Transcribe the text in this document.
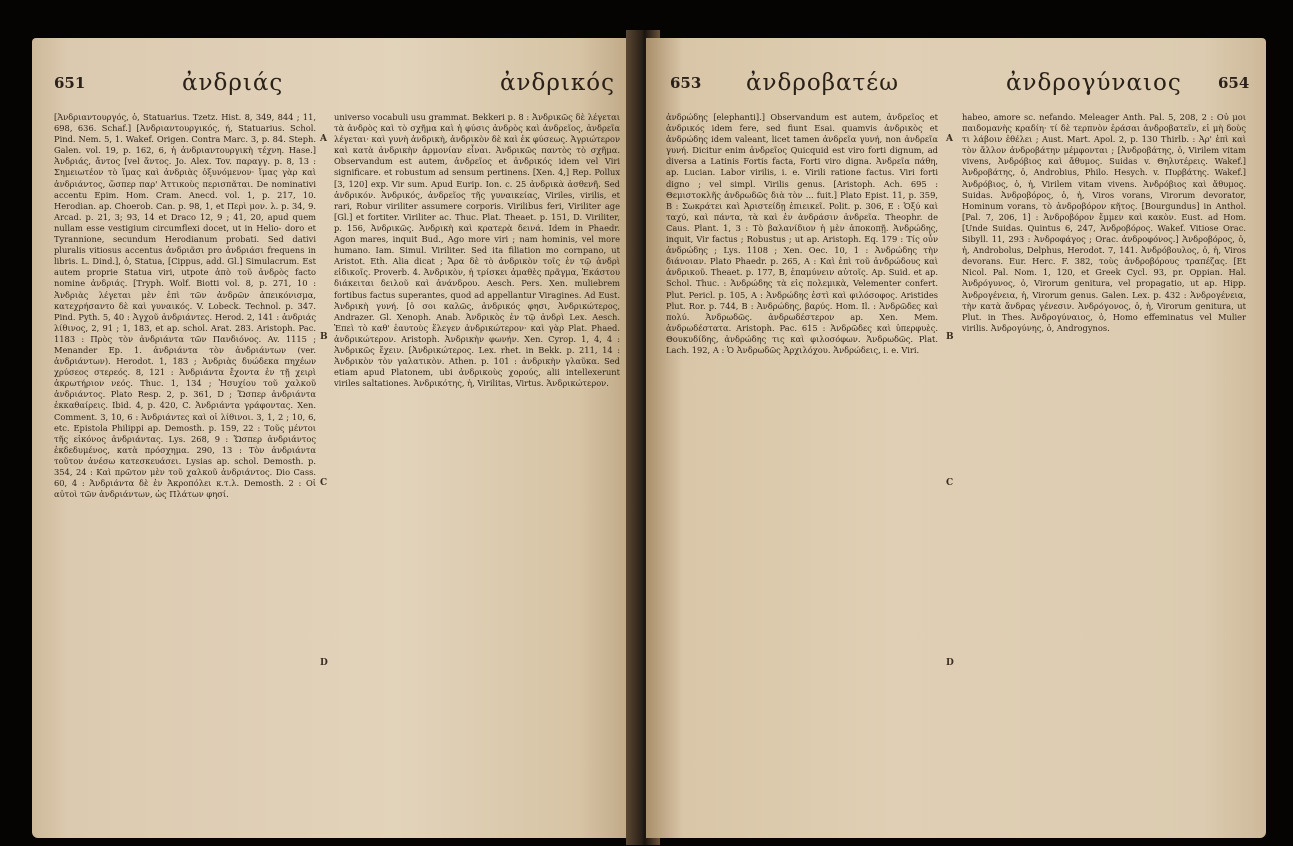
651	ἀνδριάς	ἀνδρικός
A
B
C
D

[Ἀνδριαντουργός, ὁ, Statuarius. Tzetz. Hist. 8, 349, 844 ; 11, 698, 636. Schaf.] [Ἀνδριαντουργικός, ή, Statuarius. Schol. Pind. Nem. 5, 1. Wakef. Origen. Contra Marc. 3, p. 84. Steph. Galen. vol. 19, p. 162, 6, ἡ ἀνδριαντουργικὴ τέχνη. Hase.] Ἀνδριάς, ἄντος [vel ἄντος. Jo. Alex. Tov. παραγγ. p. 8, 13 : Σημειωτέον τὸ ἴμας καὶ ἀνδριὰς ὀξυνόμενον· ἴμας γὰρ καὶ ἀνδριάντος, ὥσπερ παρ' Ἀττικοὺς περισπᾶται. De nominativi accentu Epim. Hom. Cram. Anecd. vol. 1, p. 217, 10. Herodian. ap. Choerob. Can. p. 98, 1, et Περὶ μον. λ. p. 34, 9. Arcad. p. 21, 3; 93, 14 et Draco 12, 9 ; 41, 20, apud quem nullam esse vestigium circumflexi docet, ut in Helio- doro et Tyrannione, secundum Herodianum probati. Sed dativi pluralis vitiosus accentus ἀνδριᾶσι pro ἀνδριάσι frequens in libris. L. Dind.], ὁ, Statua, [Cippus, add. Gl.] Simulacrum. Est autem proprie Statua viri, utpote ἀπὸ τοῦ ἀνδρὸς facto nomine ἀνδριάς. [Tryph. Wolf. Biotti vol. 8, p. 271, 10 : Ἀνδριὰς λέγεται μὲν ἐπὶ τῶν ἀνδρῶν ἀπεικόνισμα, κατεχρήσαντο δὲ καὶ γυναικός. V. Lobeck. Technol. p. 347. Pind. Pyth. 5, 40 : Ἀγχοῦ ἀνδριάντες. Herod. 2, 141 : ἀνδριάς λίθινος, 2, 91 ; 1, 183, et ap. schol. Arat. 283. Aristoph. Pac. 1183 : Πρὸς τὸν ἀνδριάντα τῶν Πανδιόνος. Av. 1115 ; Menander Ep. 1. ἀνδριάντα τὸν ἀνδριάντων (ver. ἀνδριάντων). Herodot. 1, 183 ; Ἀνδριὰς δυώδεκα πηχέων χρύσεος στερεός. 8, 121 : Ἀνδριάντα ἔχοντα ἐν τῇ χειρὶ ἀκρωτήριον νεός. Thuc. 1, 134 ; Ἡσυχίου τοῦ χαλκοῦ ἀνδριάντος. Plato Resp. 2, p. 361, D ; Ὥσπερ ἀνδριάντα ἐκκαθαίρεις. Ibid. 4, p. 420, C. Ἀνδριάντα γράφοντας. Xen. Comment. 3, 10, 6 : Ἀνδριάντες καὶ οἱ λίθινοι. 3, 1, 2 ; 10, 6, etc. Epistola Philippi ap. Demosth. p. 159, 22 : Τοῦς μέντοι τῆς εἰκόνος ἀνδριάντας. Lys. 268, 9 : Ὥσπερ ἀνδριάντος ἐκδεδυμένος, κατὰ πρόσχημα. 290, 13 : Τὸν ἀνδριάντα τοῦτον ἀνέσω κατεσκευάσει. Lysias ap. schol. Demosth. p. 354, 24 : Καὶ πρῶτον μὲν τοῦ χαλκοῦ ἀνδριάντος. Dio Cass. 60, 4 : Ἀνδριάντα δὲ ἐν Ἀκροπόλει κ.τ.λ. Demosth. 2 : Οἱ αὐτοὶ τῶν ἀνδριάντων, ὡς Πλάτων φησί.

universo vocabuli usu grammat. Bekkeri p. 8 : Ἀνδρικῶς δὲ λέγεται τὰ ἀνδρὸς καὶ τὸ σχῆμα καὶ ἡ φύσις ἀνδρὸς καὶ ἀνδρεῖος, ἀνδρεῖα λέγεται· καὶ γυνὴ ἀνδρικὴ, ἀνδρικὸν δὲ καὶ ἐκ φύσεως. Ἀγριώτερον καὶ κατὰ ἀνδρικὴν ἁρμονίαν εἶναι. Ἀνδρικῶς παντὸς τὸ σχῆμα. Observandum est autem, ἀνδρεῖος et ἀνδρικός idem vel Viri significare. et robustum ad sensum pertinens. [Xen. 4,] Rep. Pollux [3, 120] exp. Vir sum. Apud Eurip. Ion. c. 25 ἀνδρικὰ ἀσθενῆ. Sed ἀνδρικόν. Ἀνδρικός, ἀνδρεῖος τῆς γυναικείας, Viriles, virilis, et rari, Robur viriliter assumere corporis. Virilibus feri, Viriliter age [Gl.] et fortiter. Viriliter ac. Thuc. Plat. Theaet. p. 151, D. Viriliter, p. 156, Ἀνδρικῶς. Ἀνδρικὴ καὶ κρατερὰ δεινά. Idem in Phaedr. Agon mares, inquit Bud., Ago more viri ; nam hominis, vel more humano. Iam. Simul. Viriliter. Sed ita filiation mo cornpano, ut Aristot. Eth. Alia dicat ; Ἄρα δὲ τὸ ἀνδρικὸν τοῖς ἐν τῷ ἀνδρὶ εἰδικοῖς. Proverb. 4. Ἀνδρικὸν, ἡ τρίσκει ἀμαθὲς πρᾶγμα, Ἑκάστου διάκειται δειλοῦ καὶ ἀνάνδρου. Aesch. Pers. Xen. muliebrem fortibus factus superantes, quod ad appellantur Viragines. Ad Eust. Ἀνδρικὴ γυνή. [ὁ σοι καλῶς, ἀνδρικός φησι, Ἀνδρικώτερος, Andrazer. Gl. Xenoph. Anab. Ἀνδρικὸς ἐν τῷ ἀνδρὶ Lex. Aesch. Ἐπεὶ τὸ καθ' ἑαυτοὺς ἕλεγεν ἀνδρικώτερον· καὶ γὰρ Plat. Phaed. ἀνδρικώτερον. Aristoph. Ἀνδρικὴν φωνήν. Xen. Cyrop. 1, 4, 4 : Ἀνδρικῶς ἔχειν. [Ἀνδρικώτερος. Lex. rhet. in Bekk. p. 211, 14 : Ἀνδρικὸν τὸν γαλατικὸν. Athen. p. 101 : ἀνδρικὴν γλαῦκα. Sed etiam apud Platonem, ubi ἀνδρικοὺς χορούς, alii intellexerunt viriles saltationes. Ἀνδρικότης, ἡ, Virilitas, Virtus. Ἀνδρικώτερον.

653 ἀνδροβατέω	ἀνδρογύναιος 654
A
B
C
D

ἀνδρώδης [elephanti].] Observandum est autem, ἀνδρεῖος et ἀνδρικός idem fere, sed fiunt Esai. quamvis ἀνδρικὸς et ἀνδρώδης idem valeant, licet tamen ἀνδρεῖα γυνή, non ἀνδρεῖα γυνή. Dicitur enim ἀνδρεῖος Quicquid est viro forti dignum, ad diversa a Latinis Fortis facta, Forti viro digna. Ἀνδρεῖα πάθη, ap. Lucian. Labor virilis, i. e. Virili ratione factus. Viri forti digno ; vel simpl. Virilis genus. [Aristoph. Ach. 695 : Θεμιστοκλῆς ἀνδρωδῶς διὰ τὸν ... fuit.] Plato Epist. 11, p. 359, B : Σωκράτει καὶ Ἀριστείδῃ ἐπιεικεῖ. Polit. p. 306, E : Ὁξύ καὶ ταχύ, καὶ πάντα, τὰ καὶ ἐν ἀνδράσιν ἀνδρεῖα. Theophr. de Caus. Plant. 1, 3 : Τὸ βαλανίδιον ἡ μὲν ἀποκοπῇ. Ἀνδρώδης, inquit, Vir factus ; Robustus ; ut ap. Aristoph. Eq. 179 : Τίς οὖν ἀνδρώδης ; Lys. 1108 ; Xen. Oec. 10, 1 : Ἀνδρώδης τὴν διάνοιαν. Plato Phaedr. p. 265, A : Καὶ ἐπὶ τοῦ ἀνδρώδους καὶ ἀνδρικοῦ. Theaet. p. 177, B, ἐπαμύνειν αὐτοῖς. Ap. Suid. et ap. Schol. Thuc. : Ἀνδρώδης τὰ εἰς πολεμικὰ, Velementer confert. Plut. Pericl. p. 105, A : Ἀνδρώδης ἐστὶ καὶ φιλόσοφος. Aristides Plut. Ror. p. 744, B : Ἀνδρώδης, βαρύς. Hom. Il. : Ἀνδρῶδες καὶ πολύ. Ἀνδρωδῶς. ἀνδρωδέστερον ap. Xen. Mem. ἀνδρωδέστατα. Aristoph. Pac. 615 : Ἀνδρῶδες καὶ ὑπερφυὲς. Θουκυδίδης, ἀνδρώδης τις καὶ φιλοσόφων. Ἀνδρωδῶς. Plat. Lach. 192, A : Ὁ Ἀνδρωδῶς Ἀρχιλόχου. Ἀνδρώδεις, i. e. Viri.

habeo, amore sc. nefando. Meleager Anth. Pal. 5, 208, 2 : Οὐ μοι παιδομανὴς κραδίη· τί δὲ τερπνὸν ἐράσαι ἀνδροβατεῖν, εἰ μὴ δοὺς τι λάβοιν ἐθέλει ; Aust. Mart. Apol. 2, p. 130 Thirlb. : Ἀρ' ἐπὶ καὶ τὸν ἄλλον ἀνδροβάτην μέμφονται ; [Ἀνδροβάτης, ὁ, Virilem vitam vivens, Ἀνδρόβιος καὶ ἄθυμος. Suidas v. Θηλυτέρεις. Wakef.] Ἀνδροβάτης, ὁ, Androbius, Philo. Hesych. v. Πυρβάτης. Wakef.] Ἀνδρόβιος, ὁ, ἡ, Virilem vitam vivens. Ἀνδρόβιος καὶ ἄθυμος. Suidas. Ἀνδροβόρος, ὁ, ἡ, Viros vorans, Virorum devorator, Hominum vorans, τὸ ἀνδροβόρον κῆτος. [Bourgundus] in Anthol. [Pal. 7, 206, 1] : Ἀνδροβόρον ἔμμεν καὶ κακὸν. Eust. ad Hom. [Unde Suidas. Quintus 6, 247, Ἀνδροβόρος. Wakef. Vitiose Orac. Sibyll. 11, 293 : Ἀνδροφάγος ; Orac. ἀνδροφόνος.] Ἀνδροβόρος, ὁ, ἡ, Androbolus, Delphus, Herodot. 7, 141. Ἀνδρόβουλος, ὁ, ἡ, Viros devorans. Eur. Herc. F. 382, τοὺς ἀνδροβόρους τραπέζας. [Et Nicol. Pal. Nom. 1, 120, et Greek Cycl. 93, pr. Oppian. Hal. Ἀνδρόγυνος, ὁ, Virorum genitura, vel propagatio, ut ap. Hipp. Ἀνδρογένεια, ἡ, Virorum genus. Galen. Lex. p. 432 : Ἀνδρογένεια, τὴν κατὰ ἄνδρας γένεσιν. Ἀνδρόγονος, ὁ, ἡ, Virorum genitura, ut Plut. in Thes. Ἀνδρογύναιος, ὁ, Homo effeminatus vel Mulier virilis. Ἀνδρογύνης, ὁ, Androgynos.
